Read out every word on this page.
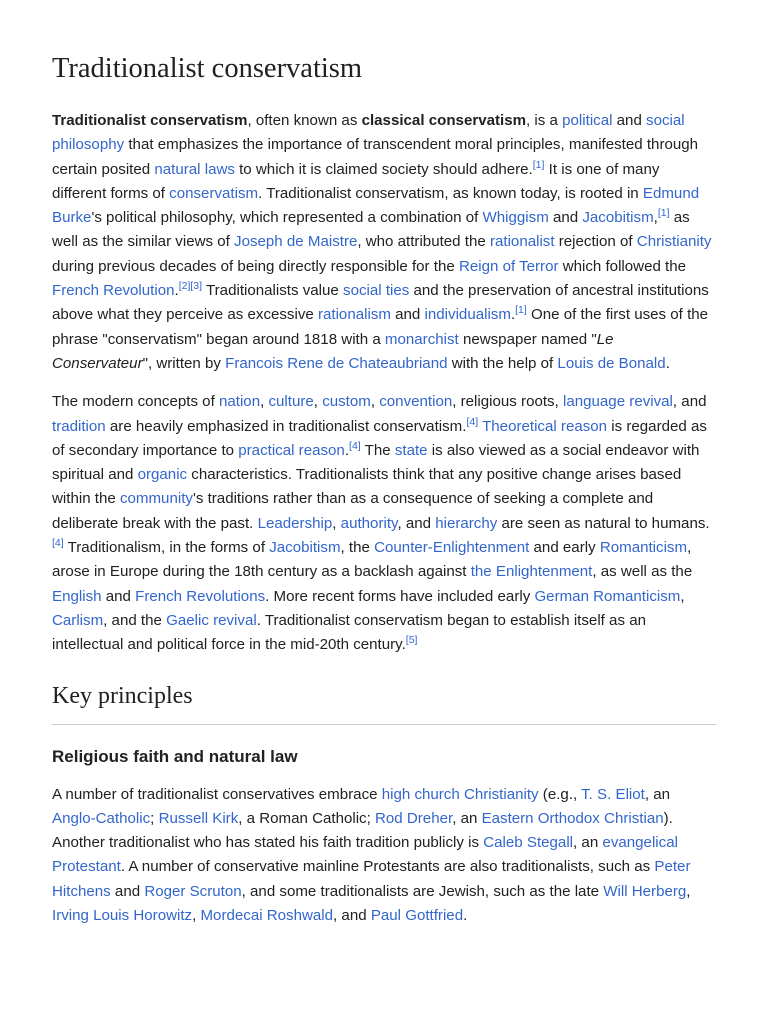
Traditionalist conservatism

Traditionalist conservatism, often known as classical conservatism, is a political and social philosophy that emphasizes the importance of transcendent moral principles, manifested through certain posited natural laws to which it is claimed society should adhere.[1] It is one of many different forms of conservatism. Traditionalist conservatism, as known today, is rooted in Edmund Burke's political philosophy, which represented a combination of Whiggism and Jacobitism,[1] as well as the similar views of Joseph de Maistre, who attributed the rationalist rejection of Christianity during previous decades of being directly responsible for the Reign of Terror which followed the French Revolution.[2][3] Traditionalists value social ties and the preservation of ancestral institutions above what they perceive as excessive rationalism and individualism.[1] One of the first uses of the phrase "conservatism" began around 1818 with a monarchist newspaper named "Le Conservateur", written by Francois Rene de Chateaubriand with the help of Louis de Bonald.

The modern concepts of nation, culture, custom, convention, religious roots, language revival, and tradition are heavily emphasized in traditionalist conservatism.[4] Theoretical reason is regarded as of secondary importance to practical reason.[4] The state is also viewed as a social endeavor with spiritual and organic characteristics. Traditionalists think that any positive change arises based within the community's traditions rather than as a consequence of seeking a complete and deliberate break with the past. Leadership, authority, and hierarchy are seen as natural to humans.[4] Traditionalism, in the forms of Jacobitism, the Counter-Enlightenment and early Romanticism, arose in Europe during the 18th century as a backlash against the Enlightenment, as well as the English and French Revolutions. More recent forms have included early German Romanticism, Carlism, and the Gaelic revival. Traditionalist conservatism began to establish itself as an intellectual and political force in the mid-20th century.[5]

Key principles
Religious faith and natural law

A number of traditionalist conservatives embrace high church Christianity (e.g., T. S. Eliot, an Anglo-Catholic; Russell Kirk, a Roman Catholic; Rod Dreher, an Eastern Orthodox Christian). Another traditionalist who has stated his faith tradition publicly is Caleb Stegall, an evangelical Protestant. A number of conservative mainline Protestants are also traditionalists, such as Peter Hitchens and Roger Scruton, and some traditionalists are Jewish, such as the late Will Herberg, Irving Louis Horowitz, Mordecai Roshwald, and Paul Gottfried.
